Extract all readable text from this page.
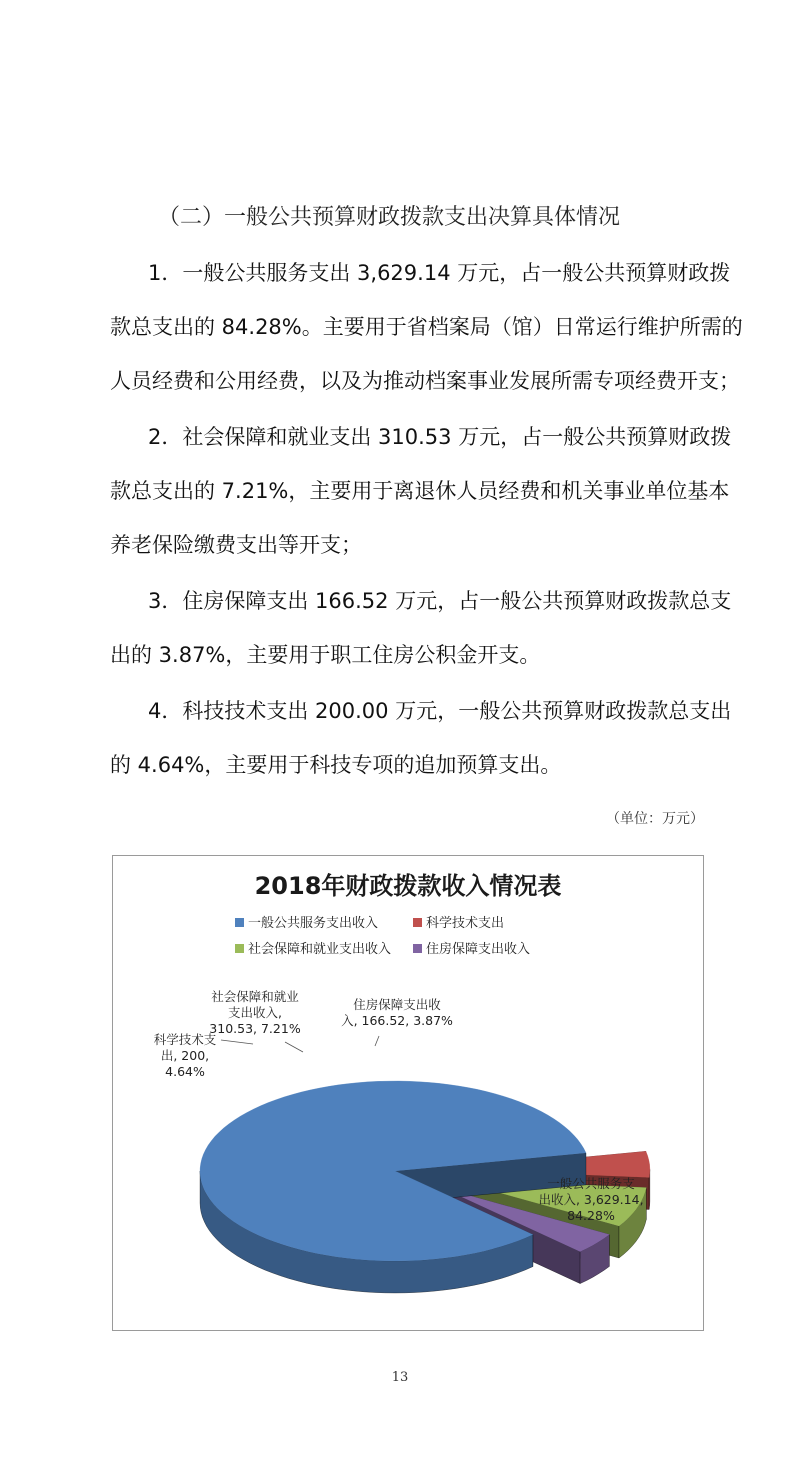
（二）一般公共预算财政拨款支出决算具体情况
1．一般公共服务支出 3,629.14 万元，占一般公共预算财政拨
款总支出的 84.28%。主要用于省档案局（馆）日常运行维护所需的
人员经费和公用经费，以及为推动档案事业发展所需专项经费开支；
2．社会保障和就业支出 310.53 万元，占一般公共预算财政拨
款总支出的 7.21%，主要用于离退休人员经费和机关事业单位基本
养老保险缴费支出等开支；
3．住房保障支出 166.52 万元，占一般公共预算财政拨款总支
出的 3.87%，主要用于职工住房公积金开支。
4．科技技术支出 200.00 万元，一般公共预算财政拨款总支出
的 4.64%，主要用于科技专项的追加预算支出。
（单位：万元）
2018年财政拨款收入情况表
一般公共服务支出收入	科学技术支出
社会保障和就业支出收入	住房保障支出收入
一般公共服务支出收入, 3,629.14, 84.28%
科学技术支出, 200, 4.64%
社会保障和就业支出收入, 310.53, 7.21%
住房保障支出收入, 166.52, 3.87%
13
